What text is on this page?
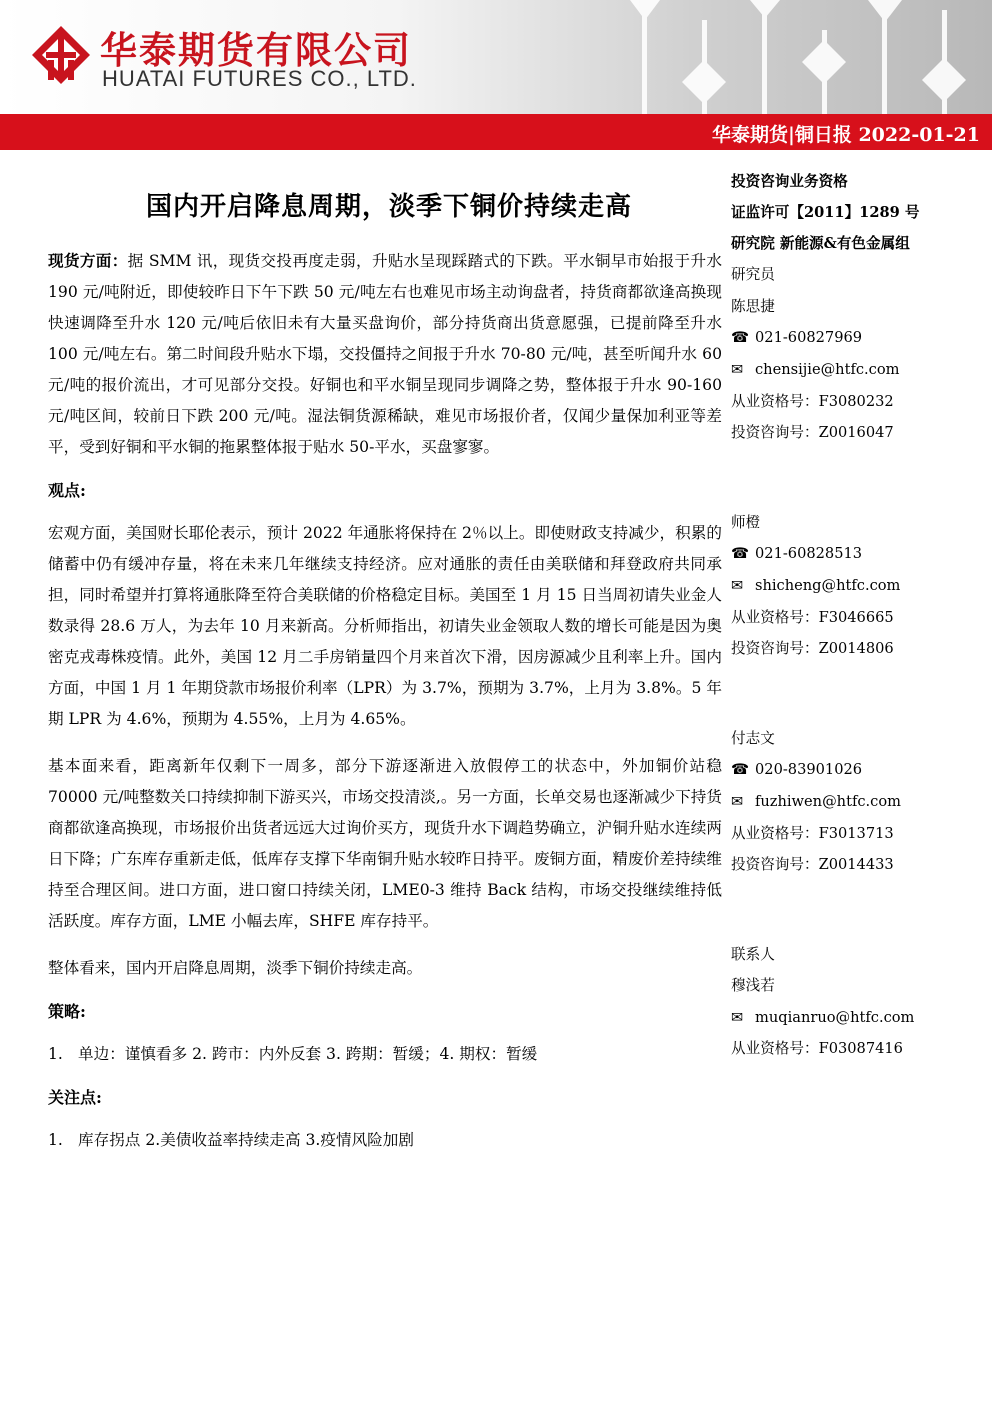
华泰期货有限公司
HUATAI FUTURES CO., LTD.
华泰期货|铜日报 2022-01-21
国内开启降息周期，淡季下铜价持续走高

现货方面：据 SMM 讯，现货交投再度走弱，升贴水呈现踩踏式的下跌。平水铜早市始报于升水 190 元/吨附近，即使较昨日下午下跌 50 元/吨左右也难见市场主动询盘者，持货商都欲逢高换现快速调降至升水 120 元/吨后依旧未有大量买盘询价，部分持货商出货意愿强，已提前降至升水 100 元/吨左右。第二时间段升贴水下塌，交投僵持之间报于升水 70-80 元/吨，甚至听闻升水 60 元/吨的报价流出，才可见部分交投。好铜也和平水铜呈现同步调降之势，整体报于升水 90-160 元/吨区间，较前日下跌 200 元/吨。湿法铜货源稀缺，难见市场报价者，仅闻少量保加利亚等差平，受到好铜和平水铜的拖累整体报于贴水 50-平水，买盘寥寥。

观点:

宏观方面，美国财长耶伦表示，预计 2022 年通胀将保持在 2％以上。即使财政支持减少，积累的储蓄中仍有缓冲存量，将在未来几年继续支持经济。应对通胀的责任由美联储和拜登政府共同承担，同时希望并打算将通胀降至符合美联储的价格稳定目标。美国至 1 月 15 日当周初请失业金人数录得 28.6 万人，为去年 10 月来新高。分析师指出，初请失业金领取人数的增长可能是因为奥密克戎毒株疫情。此外，美国 12 月二手房销量四个月来首次下滑，因房源减少且利率上升。国内方面，中国 1 月 1 年期贷款市场报价利率（LPR）为 3.7%，预期为 3.7%，上月为 3.8%。5 年期 LPR 为 4.6%，预期为 4.55%，上月为 4.65%。

基本面来看，距离新年仅剩下一周多，部分下游逐渐进入放假停工的状态中，外加铜价站稳 70000 元/吨整数关口持续抑制下游买兴，市场交投清淡,。另一方面，长单交易也逐渐减少下持货商都欲逢高换现，市场报价出货者远远大过询价买方，现货升水下调趋势确立，沪铜升贴水连续两日下降；广东库存重新走低，低库存支撑下华南铜升贴水较昨日持平。废铜方面，精废价差持续维持至合理区间。进口方面，进口窗口持续关闭，LME0-3 维持 Back 结构，市场交投继续维持低活跃度。库存方面，LME 小幅去库，SHFE 库存持平。

整体看来，国内开启降息周期，淡季下铜价持续走高。

策略:

1. 单边：谨慎看多 2. 跨市：内外反套 3. 跨期：暂缓；4. 期权：暂缓

关注点:

1. 库存拐点 2.美债收益率持续走高 3.疫情风险加剧

投资咨询业务资格
证监许可【2011】1289 号
研究院 新能源&有色金属组
研究员
陈思捷
☎ 021-60827969
✉ chensijie@htfc.com
从业资格号：F3080232
投资咨询号：Z0016047
师橙
☎ 021-60828513
✉ shicheng@htfc.com
从业资格号：F3046665
投资咨询号：Z0014806
付志文
☎ 020-83901026
✉ fuzhiwen@htfc.com
从业资格号：F3013713
投资咨询号：Z0014433
联系人
穆浅若
✉ muqianruo@htfc.com
从业资格号：F03087416
